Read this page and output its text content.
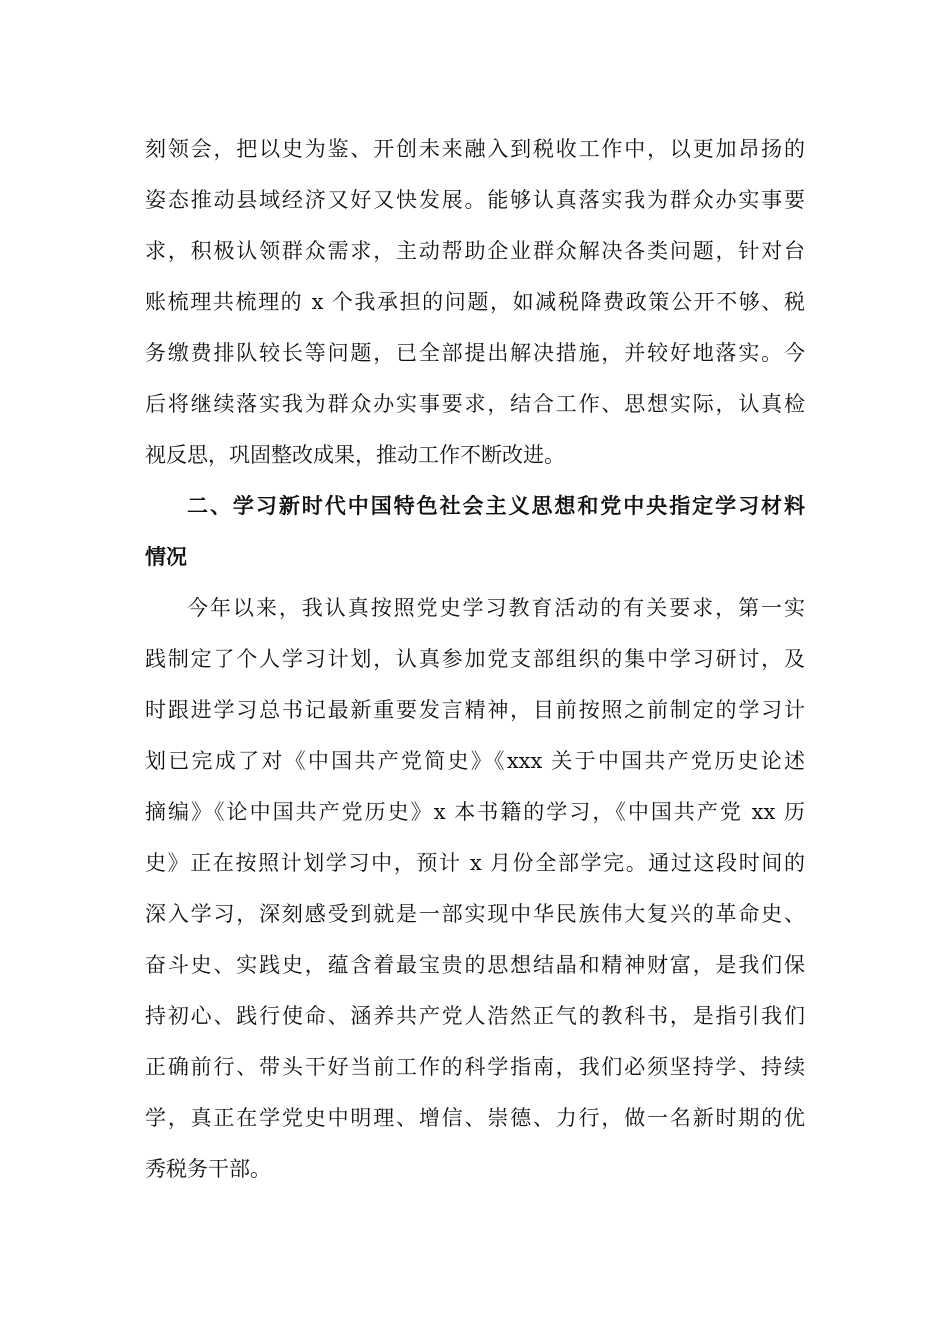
刻领会，把以史为鉴、开创未来融入到税收工作中，以更加昂扬的
姿态推动县域经济又好又快发展。能够认真落实我为群众办实事要
求，积极认领群众需求，主动帮助企业群众解决各类问题，针对台
账梳理共梳理的 x 个我承担的问题，如减税降费政策公开不够、税
务缴费排队较长等问题，已全部提出解决措施，并较好地落实。今
后将继续落实我为群众办实事要求，结合工作、思想实际，认真检
视反思，巩固整改成果，推动工作不断改进。
二、学习新时代中国特色社会主义思想和党中央指定学习材料
情况
今年以来，我认真按照党史学习教育活动的有关要求，第一实
践制定了个人学习计划，认真参加党支部组织的集中学习研讨，及
时跟进学习总书记最新重要发言精神，目前按照之前制定的学习计
划已完成了对《中国共产党简史》《xxx 关于中国共产党历史论述
摘编》《论中国共产党历史》x 本书籍的学习，《中国共产党 xx 历
史》正在按照计划学习中，预计 x 月份全部学完。通过这段时间的
深入学习，深刻感受到就是一部实现中华民族伟大复兴的革命史、
奋斗史、实践史，蕴含着最宝贵的思想结晶和精神财富，是我们保
持初心、践行使命、涵养共产党人浩然正气的教科书，是指引我们
正确前行、带头干好当前工作的科学指南，我们必须坚持学、持续
学，真正在学党史中明理、增信、崇德、力行，做一名新时期的优
秀税务干部。
